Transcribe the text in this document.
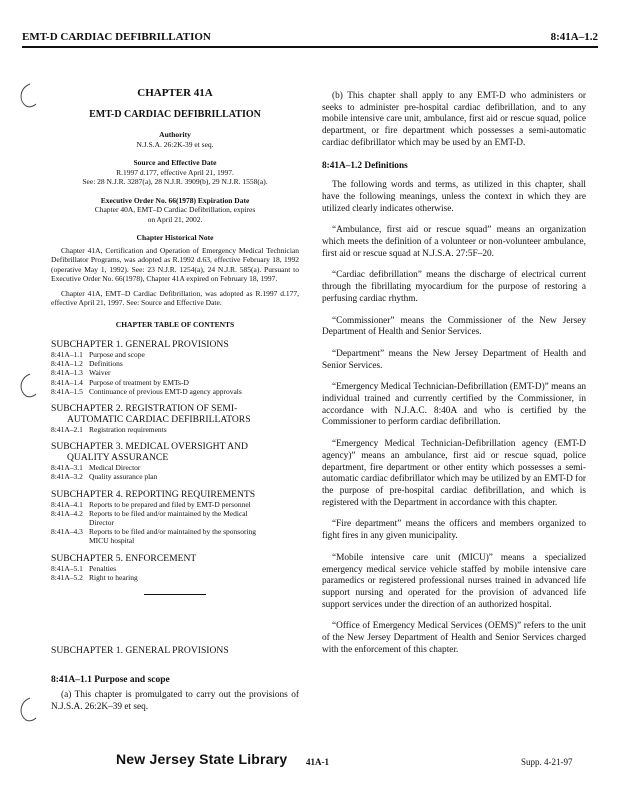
EMT-D CARDIAC DEFIBRILLATION	8:41A–1.2
CHAPTER 41A
EMT-D CARDIAC DEFIBRILLATION
Authority
N.J.S.A. 26:2K-39 et seq.
Source and Effective Date
R.1997 d.177, effective April 21, 1997.
See: 28 N.J.R. 3287(a), 28 N.J.R. 3909(b), 29 N.J.R. 1558(a).
Executive Order No. 66(1978) Expiration Date
Chapter 40A, EMT–D Cardiac Defibrillation, expires on April 21, 2002.
Chapter Historical Note

Chapter 41A, Certification and Operation of Emergency Medical Technician Defibrillator Programs, was adopted as R.1992 d.63, effective February 18, 1992 (operative May 1, 1992). See: 23 N.J.R. 1254(a), 24 N.J.R. 585(a). Pursuant to Executive Order No. 66(1978), Chapter 41A expired on February 18, 1997.

Chapter 41A, EMT–D Cardiac Defibrillation, was adopted as R.1997 d.177, effective April 21, 1997. See: Source and Effective Date.

CHAPTER TABLE OF CONTENTS
SUBCHAPTER 1. GENERAL PROVISIONS
8:41A–1.1 Purpose and scope
8:41A–1.2 Definitions
8:41A–1.3 Waiver
8:41A–1.4 Purpose of treatment by EMTs-D
8:41A–1.5 Continuance of previous EMT-D agency approvals
SUBCHAPTER 2. REGISTRATION OF SEMI-
AUTOMATIC CARDIAC DEFIBRILLATORS
8:41A–2.1 Registration requirements
SUBCHAPTER 3. MEDICAL OVERSIGHT AND
QUALITY ASSURANCE
8:41A–3.1 Medical Director
8:41A–3.2 Quality assurance plan
SUBCHAPTER 4. REPORTING REQUIREMENTS
8:41A–4.1 Reports to be prepared and filed by EMT-D personnel
8:41A–4.2 Reports to be filed and/or maintained by the Medical
Director
8:41A–4.3 Reports to be filed and/or maintained by the sponsoring
MICU hospital
SUBCHAPTER 5. ENFORCEMENT
8:41A–5.1 Penalties
8:41A–5.2 Right to hearing
SUBCHAPTER 1. GENERAL PROVISIONS
8:41A–1.1 Purpose and scope
(a) This chapter is promulgated to carry out the provisions of N.J.S.A. 26:2K–39 et seq.

(b) This chapter shall apply to any EMT-D who administers or seeks to administer pre-hospital cardiac defibrillation, and to any mobile intensive care unit, ambulance, first aid or rescue squad, police department, or fire department which possesses a semi-automatic cardiac defibrillator which may be used by an EMT-D.

8:41A–1.2 Definitions

The following words and terms, as utilized in this chapter, shall have the following meanings, unless the context in which they are utilized clearly indicates otherwise.

“Ambulance, first aid or rescue squad” means an organization which meets the definition of a volunteer or non-volunteer ambulance, first aid or rescue squad at N.J.S.A. 27:5F–20.

“Cardiac defibrillation” means the discharge of electrical current through the fibrillating myocardium for the purpose of restoring a perfusing cardiac rhythm.

“Commissioner” means the Commissioner of the New Jersey Department of Health and Senior Services.

“Department” means the New Jersey Department of Health and Senior Services.

“Emergency Medical Technician-Defibrillation (EMT-D)” means an individual trained and currently certified by the Commissioner, in accordance with N.J.A.C. 8:40A and who is certified by the Commissioner to perform cardiac defibrillation.

“Emergency Medical Technician-Defibrillation agency (EMT-D agency)” means an ambulance, first aid or rescue squad, police department, fire department or other entity which possesses a semi-automatic cardiac defibrillator which may be utilized by an EMT-D for the purpose of pre-hospital cardiac defibrillation, and which is registered with the Department in accordance with this chapter.

“Fire department” means the officers and members organized to fight fires in any given municipality.

“Mobile intensive care unit (MICU)” means a specialized emergency medical service vehicle staffed by mobile intensive care paramedics or registered professional nurses trained in advanced life support nursing and operated for the provision of advanced life support services under the direction of an authorized hospital.

“Office of Emergency Medical Services (OEMS)” refers to the unit of the New Jersey Department of Health and Senior Services charged with the enforcement of this chapter.

New Jersey State Library 41A-1	Supp. 4-21-97
